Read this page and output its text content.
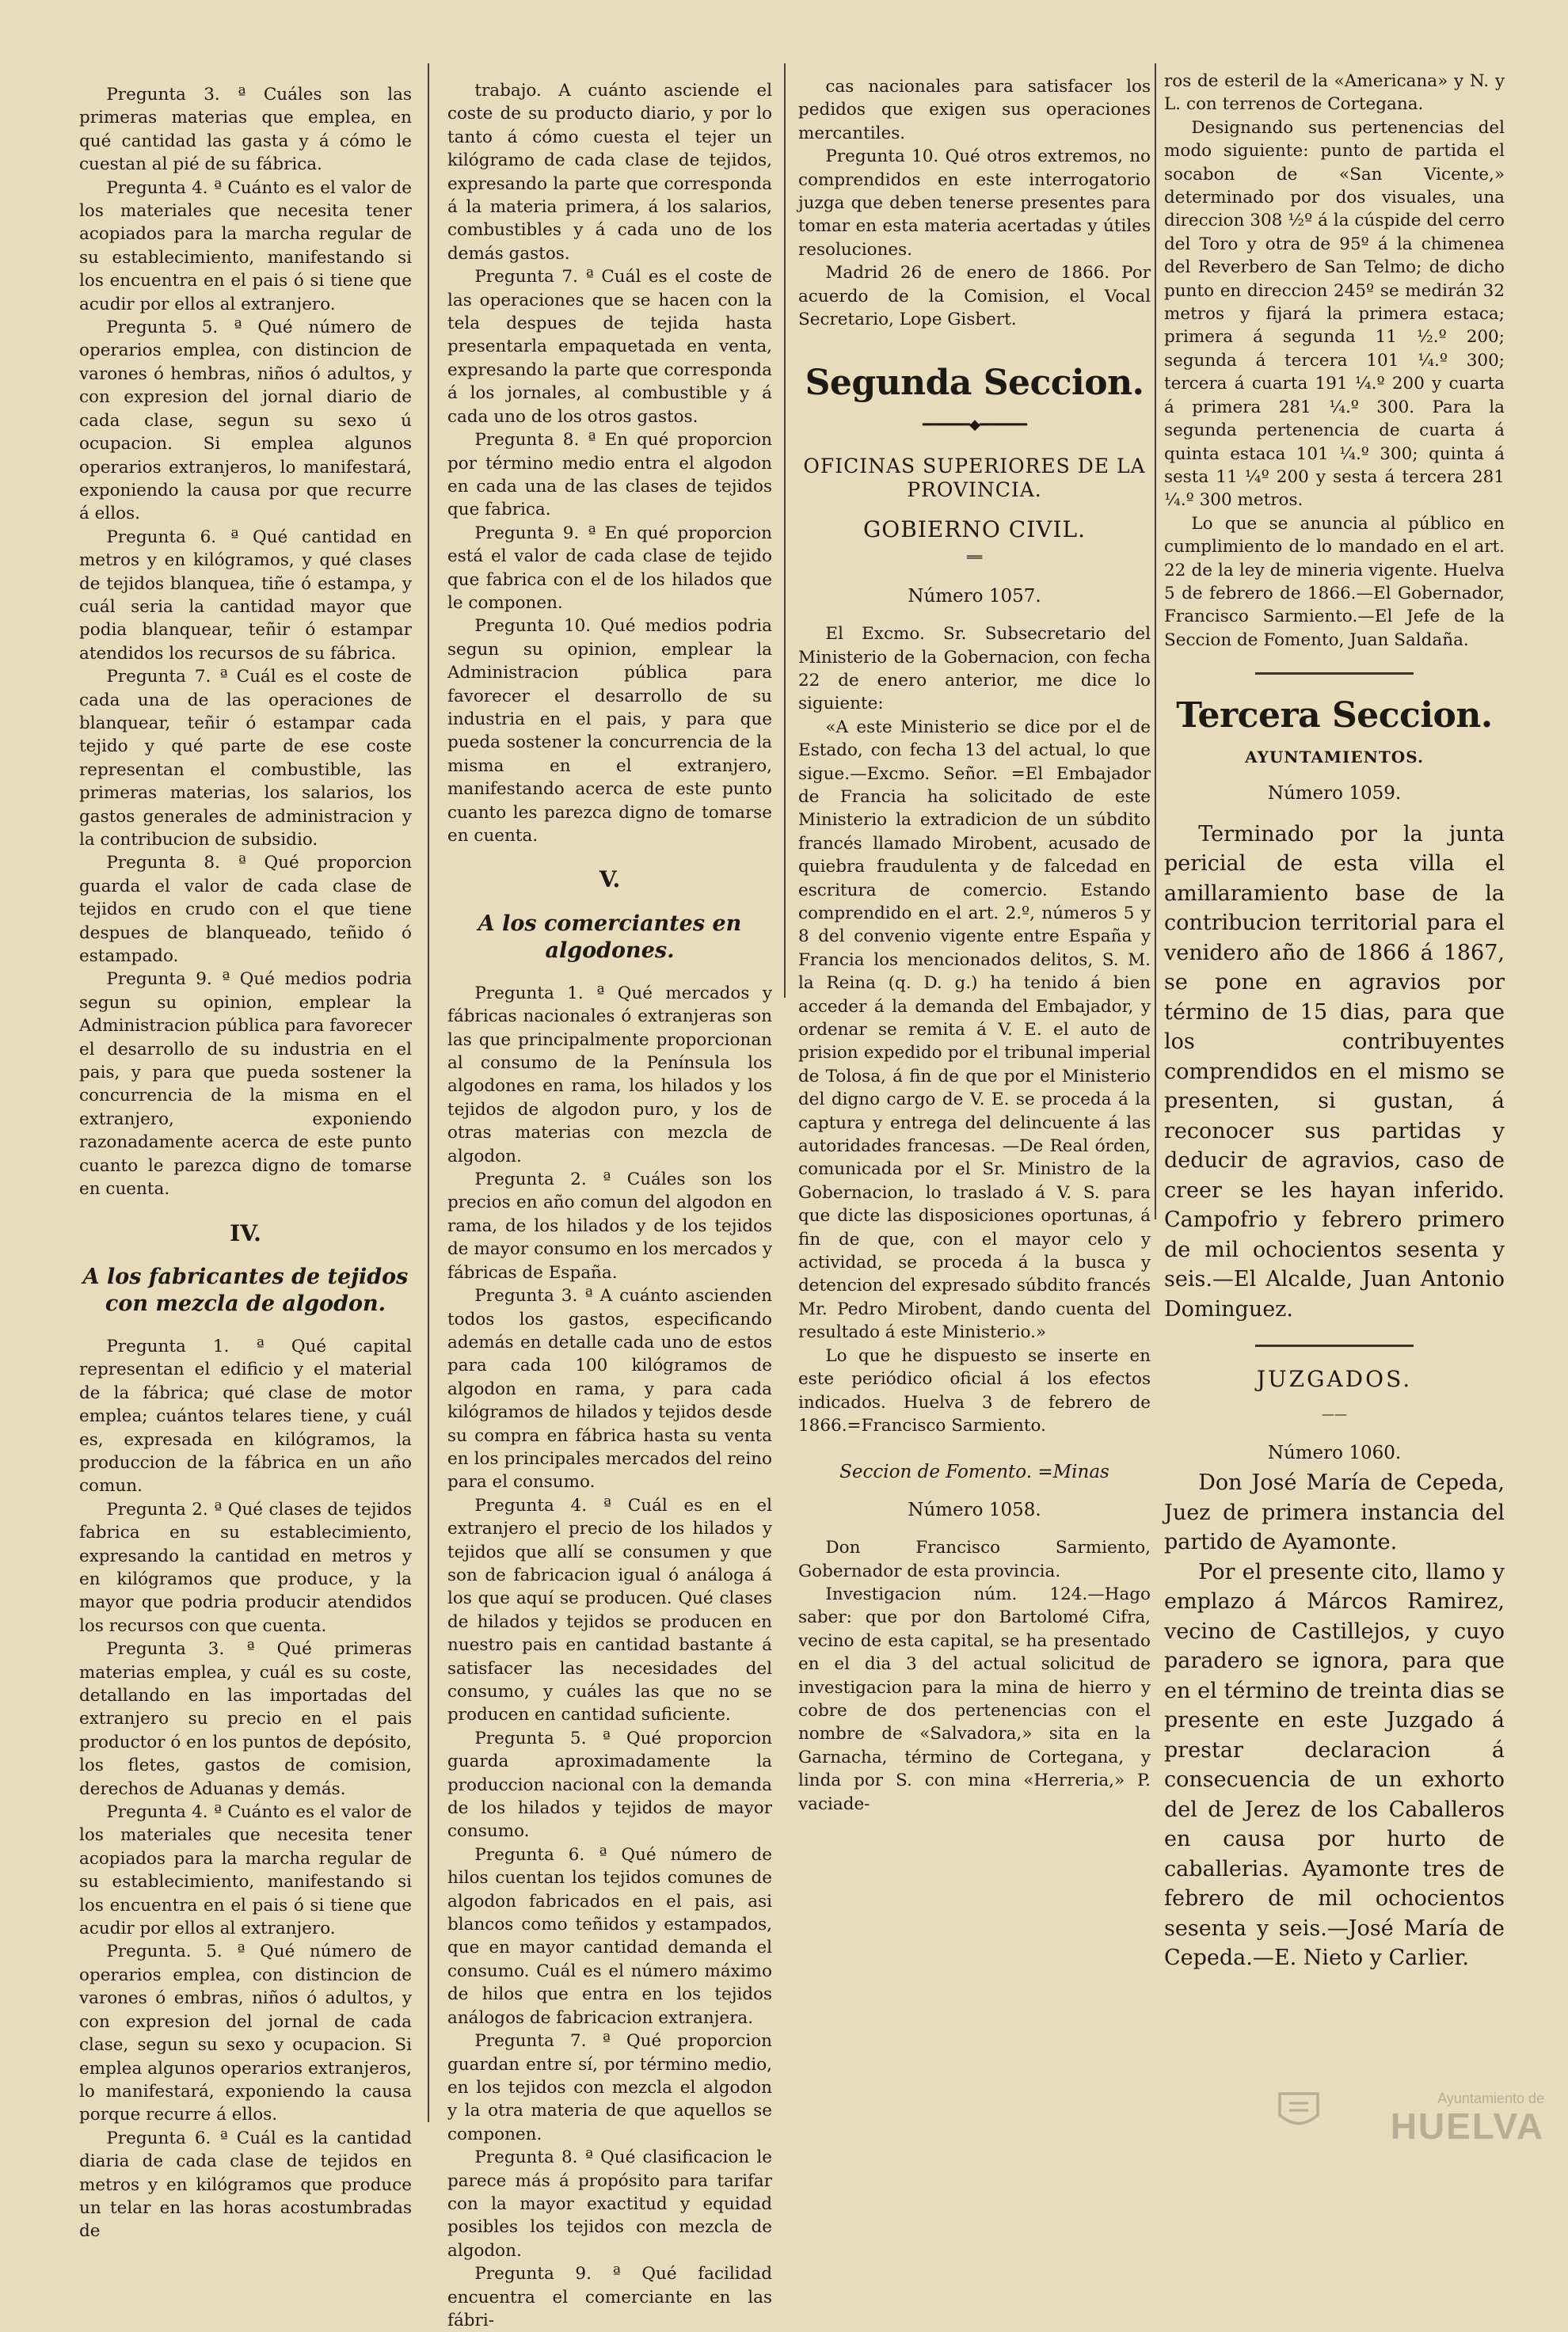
Pregunta 3. ª Cuáles son las primeras materias que emplea, en qué cantidad las gasta y á cómo le cuestan al pié de su fábrica.

Pregunta 4. ª Cuánto es el valor de los materiales que necesita tener acopiados para la marcha regular de su establecimiento, manifestando si los encuentra en el pais ó si tiene que acudir por ellos al extranjero.

Pregunta 5. ª Qué número de operarios emplea, con distincion de varones ó hembras, niños ó adultos, y con expresion del jornal diario de cada clase, segun su sexo ú ocupacion. Si emplea algunos operarios extranjeros, lo manifestará, exponiendo la causa por que recurre á ellos.

Pregunta 6. ª Qué cantidad en metros y en kilógramos, y qué clases de tejidos blanquea, tiñe ó estampa, y cuál seria la cantidad mayor que podia blanquear, teñir ó estampar atendidos los recursos de su fábrica.

Pregunta 7. ª Cuál es el coste de cada una de las operaciones de blanquear, teñir ó estampar cada tejido y qué parte de ese coste representan el combustible, las primeras materias, los salarios, los gastos generales de administracion y la contribucion de subsidio.

Pregunta 8. ª Qué proporcion guarda el valor de cada clase de tejidos en crudo con el que tiene despues de blanqueado, teñido ó estampado.

Pregunta 9. ª Qué medios podria segun su opinion, emplear la Administracion pública para favorecer el desarrollo de su industria en el pais, y para que pueda sostener la concurrencia de la misma en el extranjero, exponiendo razonadamente acerca de este punto cuanto le parezca digno de tomarse en cuenta.

IV.
A los fabricantes de tejidos con mezcla de algodon.

Pregunta 1. ª Qué capital representan el edificio y el material de la fábrica; qué clase de motor emplea; cuántos telares tiene, y cuál es, expresada en kilógramos, la produccion de la fábrica en un año comun.

Pregunta 2. ª Qué clases de tejidos fabrica en su establecimiento, expresando la cantidad en metros y en kilógramos que produce, y la mayor que podria producir atendidos los recursos con que cuenta.

Pregunta 3. ª Qué primeras materias emplea, y cuál es su coste, detallando en las importadas del extranjero su precio en el pais productor ó en los puntos de depósito, los fletes, gastos de comision, derechos de Aduanas y demás.

Pregunta 4. ª Cuánto es el valor de los materiales que necesita tener acopiados para la marcha regular de su establecimiento, manifestando si los encuentra en el pais ó si tiene que acudir por ellos al extranjero.

Pregunta. 5. ª Qué número de operarios emplea, con distincion de varones ó embras, niños ó adultos, y con expresion del jornal de cada clase, segun su sexo y ocupacion. Si emplea algunos operarios extranjeros, lo manifestará, exponiendo la causa porque recurre á ellos.

Pregunta 6. ª Cuál es la cantidad diaria de cada clase de tejidos en metros y en kilógramos que produce un telar en las horas acostumbradas de

trabajo. A cuánto asciende el coste de su producto diario, y por lo tanto á cómo cuesta el tejer un kilógramo de cada clase de tejidos, expresando la parte que corresponda á la materia primera, á los salarios, combustibles y á cada uno de los demás gastos.

Pregunta 7. ª Cuál es el coste de las operaciones que se hacen con la tela despues de tejida hasta presentarla empaquetada en venta, expresando la parte que corresponda á los jornales, al combustible y á cada uno de los otros gastos.

Pregunta 8. ª En qué proporcion por término medio entra el algodon en cada una de las clases de tejidos que fabrica.

Pregunta 9. ª En qué proporcion está el valor de cada clase de tejido que fabrica con el de los hilados que le componen.

Pregunta 10. Qué medios podria segun su opinion, emplear la Administracion pública para favorecer el desarrollo de su industria en el pais, y para que pueda sostener la concurrencia de la misma en el extranjero, manifestando acerca de este punto cuanto les parezca digno de tomarse en cuenta.

V.
A los comerciantes en algodones.

Pregunta 1. ª Qué mercados y fábricas nacionales ó extranjeras son las que principalmente proporcionan al consumo de la Península los algodones en rama, los hilados y los tejidos de algodon puro, y los de otras materias con mezcla de algodon.

Pregunta 2. ª Cuáles son los precios en año comun del algodon en rama, de los hilados y de los tejidos de mayor consumo en los mercados y fábricas de España.

Pregunta 3. ª A cuánto ascienden todos los gastos, especificando además en detalle cada uno de estos para cada 100 kilógramos de algodon en rama, y para cada kilógramos de hilados y tejidos desde su compra en fábrica hasta su venta en los principales mercados del reino para el consumo.

Pregunta 4. ª Cuál es en el extranjero el precio de los hilados y tejidos que allí se consumen y que son de fabricacion igual ó análoga á los que aquí se producen. Qué clases de hilados y tejidos se producen en nuestro pais en cantidad bastante á satisfacer las necesidades del consumo, y cuáles las que no se producen en cantidad suficiente.

Pregunta 5. ª Qué proporcion guarda aproximadamente la produccion nacional con la demanda de los hilados y tejidos de mayor consumo.

Pregunta 6. ª Qué número de hilos cuentan los tejidos comunes de algodon fabricados en el pais, asi blancos como teñidos y estampados, que en mayor cantidad demanda el consumo. Cuál es el número máximo de hilos que entra en los tejidos análogos de fabricacion extranjera.

Pregunta 7. ª Qué proporcion guardan entre sí, por término medio, en los tejidos con mezcla el algodon y la otra materia de que aquellos se componen.

Pregunta 8. ª Qué clasificacion le parece más á propósito para tarifar con la mayor exactitud y equidad posibles los tejidos con mezcla de algodon.

Pregunta 9. ª Qué facilidad encuentra el comerciante en las fábri-

cas nacionales para satisfacer los pedidos que exigen sus operaciones mercantiles.

Pregunta 10. Qué otros extremos, no comprendidos en este interrogatorio juzga que deben tenerse presentes para tomar en esta materia acertadas y útiles resoluciones.

Madrid 26 de enero de 1866. Por acuerdo de la Comision, el Vocal Secretario, Lope Gisbert.

Segunda Seccion.
━━━━━━◆━━━━━━
OFICINAS SUPERIORES DE LA PROVINCIA.
GOBIERNO CIVIL.
══
Número 1057.

El Excmo. Sr. Subsecretario del Ministerio de la Gobernacion, con fecha 22 de enero anterior, me dice lo siguiente:

«A este Ministerio se dice por el de Estado, con fecha 13 del actual, lo que sigue.—Excmo. Señor. =El Embajador de Francia ha solicitado de este Ministerio la extradicion de un súbdito francés llamado Mirobent, acusado de quiebra fraudulenta y de falcedad en escritura de comercio. Estando comprendido en el art. 2.º, números 5 y 8 del convenio vigente entre España y Francia los mencionados delitos, S. M. la Reina (q. D. g.) ha tenido á bien acceder á la demanda del Embajador, y ordenar se remita á V. E. el auto de prision expedido por el tribunal imperial de Tolosa, á fin de que por el Ministerio del digno cargo de V. E. se proceda á la captura y entrega del delincuente á las autoridades francesas. —De Real órden, comunicada por el Sr. Ministro de la Gobernacion, lo traslado á V. S. para que dicte las disposiciones oportunas, á fin de que, con el mayor celo y actividad, se proceda á la busca y detencion del expresado súbdito francés Mr. Pedro Mirobent, dando cuenta del resultado á este Ministerio.»

Lo que he dispuesto se inserte en este periódico oficial á los efectos indicados. Huelva 3 de febrero de 1866.=Francisco Sarmiento.

Seccion de Fomento. =Minas
Número 1058.

Don Francisco Sarmiento, Gobernador de esta provincia.

Investigacion núm. 124.—Hago saber: que por don Bartolomé Cifra, vecino de esta capital, se ha presentado en el dia 3 del actual solicitud de investigacion para la mina de hierro y cobre de dos pertenencias con el nombre de «Salvadora,» sita en la Garnacha, término de Cortegana, y linda por S. con mina «Herreria,» P. vaciade-

ros de esteril de la «Americana» y N. y L. con terrenos de Cortegana.

Designando sus pertenencias del modo siguiente: punto de partida el socabon de «San Vicente,» determinado por dos visuales, una direccion 308 ½º á la cúspide del cerro del Toro y otra de 95º á la chimenea del Reverbero de San Telmo; de dicho punto en direccion 245º se medirán 32 metros y fijará la primera estaca; primera á segunda 11 ½.º 200; segunda á tercera 101 ¼.º 300; tercera á cuarta 191 ¼.º 200 y cuarta á primera 281 ¼.º 300. Para la segunda pertenencia de cuarta á quinta estaca 101 ¼.º 300; quinta á sesta 11 ¼º 200 y sesta á tercera 281 ¼.º 300 metros.

Lo que se anuncia al público en cumplimiento de lo mandado en el art. 22 de la ley de mineria vigente. Huelva 5 de febrero de 1866.—El Gobernador, Francisco Sarmiento.—El Jefe de la Seccion de Fomento, Juan Saldaña.

Tercera Seccion.
AYUNTAMIENTOS.
Número 1059.

Terminado por la junta pericial de esta villa el amillaramiento base de la contribucion territorial para el venidero año de 1866 á 1867, se pone en agravios por término de 15 dias, para que los contribuyentes comprendidos en el mismo se presenten, si gustan, á reconocer sus partidas y deducir de agravios, caso de creer se les hayan inferido. Campofrio y febrero primero de mil ochocientos sesenta y seis.—El Alcalde, Juan Antonio Dominguez.

JUZGADOS.
——
Número 1060.

Don José María de Cepeda, Juez de primera instancia del partido de Ayamonte.

Por el presente cito, llamo y emplazo á Márcos Ramirez, vecino de Castillejos, y cuyo paradero se ignora, para que en el término de treinta dias se presente en este Juzgado á prestar declaracion á consecuencia de un exhorto del de Jerez de los Caballeros en causa por hurto de caballerias. Ayamonte tres de febrero de mil ochocientos sesenta y seis.—José María de Cepeda.—E. Nieto y Carlier.

Ayuntamiento de
HUELVA
